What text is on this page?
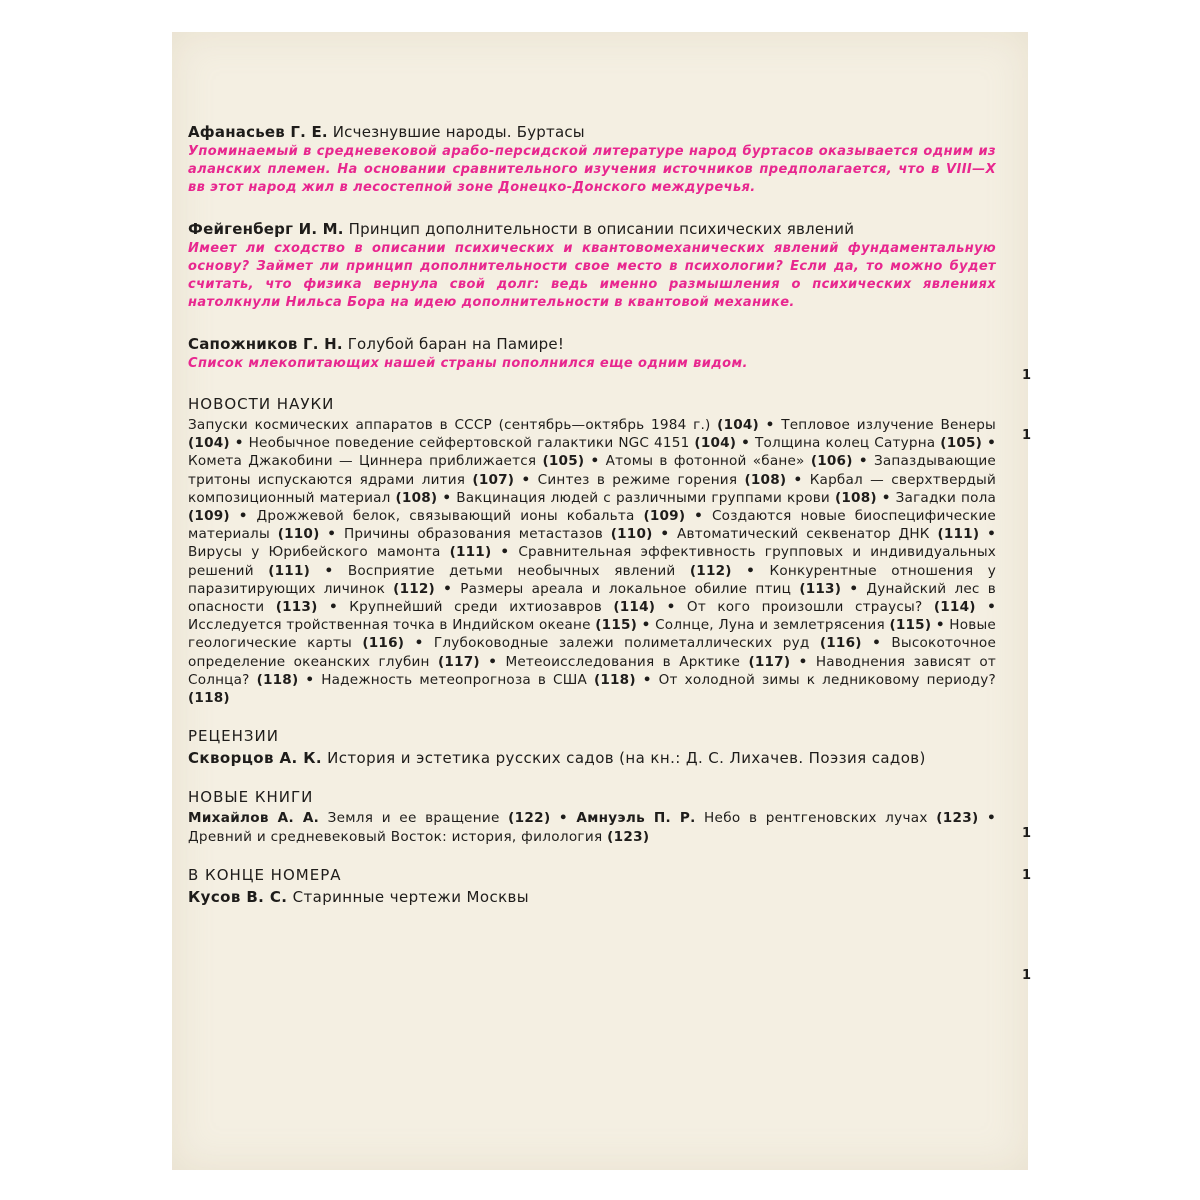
Афанасьев Г. Е. Исчезнувшие народы. Буртасы
Упоминаемый в средневековой арабо-персидской литературе народ буртасов оказывается одним из аланских племен. На основании сравнительного изучения источников предполагается, что в VIII—X вв этот народ жил в лесостепной зоне Донецко-Донского междуречья.
Фейгенберг И. М. Принцип дополнительности в описании психических явлений
Имеет ли сходство в описании психических и квантовомеханических явлений фундаментальную основу? Займет ли принцип дополнительности свое место в психологии? Если да, то можно будет считать, что физика вернула свой долг: ведь именно размышления о психических явлениях натолкнули Нильса Бора на идею дополнительности в квантовой механике.
Сапожников Г. Н. Голубой баран на Памире!
Список млекопитающих нашей страны пополнился еще одним видом.
НОВОСТИ НАУКИ
Запуски космических аппаратов в СССР (сентябрь—октябрь 1984 г.) (104) • Тепловое излучение Венеры (104) • Необычное поведение сейфертовской галактики NGC 4151 (104) • Толщина колец Сатурна (105) • Комета Джакобини — Циннера приближается (105) • Атомы в фотонной «бане» (106) • Запаздывающие тритоны испускаются ядрами лития (107) • Синтез в режиме горения (108) • Карбал — сверхтвердый композиционный материал (108) • Вакцинация людей с различными группами крови (108) • Загадки пола (109) • Дрожжевой белок, связывающий ионы кобальта (109) • Создаются новые биоспецифические материалы (110) • Причины образования метастазов (110) • Автоматический секвенатор ДНК (111) • Вирусы у Юрибейского мамонта (111) • Сравнительная эффективность групповых и индивидуальных решений (111) • Восприятие детьми необычных явлений (112) • Конкурентные отношения у паразитирующих личинок (112) • Размеры ареала и локальное обилие птиц (113) • Дунайский лес в опасности (113) • Крупнейший среди ихтиозавров (114) • От кого произошли страусы? (114) • Исследуется тройственная точка в Индийском океане (115) • Солнце, Луна и землетрясения (115) • Новые геологические карты (116) • Глубоководные залежи полиметаллических руд (116) • Высокоточное определение океанских глубин (117) • Метеоисследования в Арктике (117) • Наводнения зависят от Солнца? (118) • Надежность метеопрогноза в США (118) • От холодной зимы к ледниковому периоду? (118)
РЕЦЕНЗИИ
Скворцов А. К. История и эстетика русских садов (на кн.: Д. С. Лихачев. Поэзия садов)
НОВЫЕ КНИГИ
Михайлов А. А. Земля и ее вращение (122) • Амнуэль П. Р. Небо в рентгеновских лучах (123) • Древний и средневековый Восток: история, филология (123)
В КОНЦЕ НОМЕРА
Кусов В. С. Старинные чертежи Москвы
1
1
1
1
1
